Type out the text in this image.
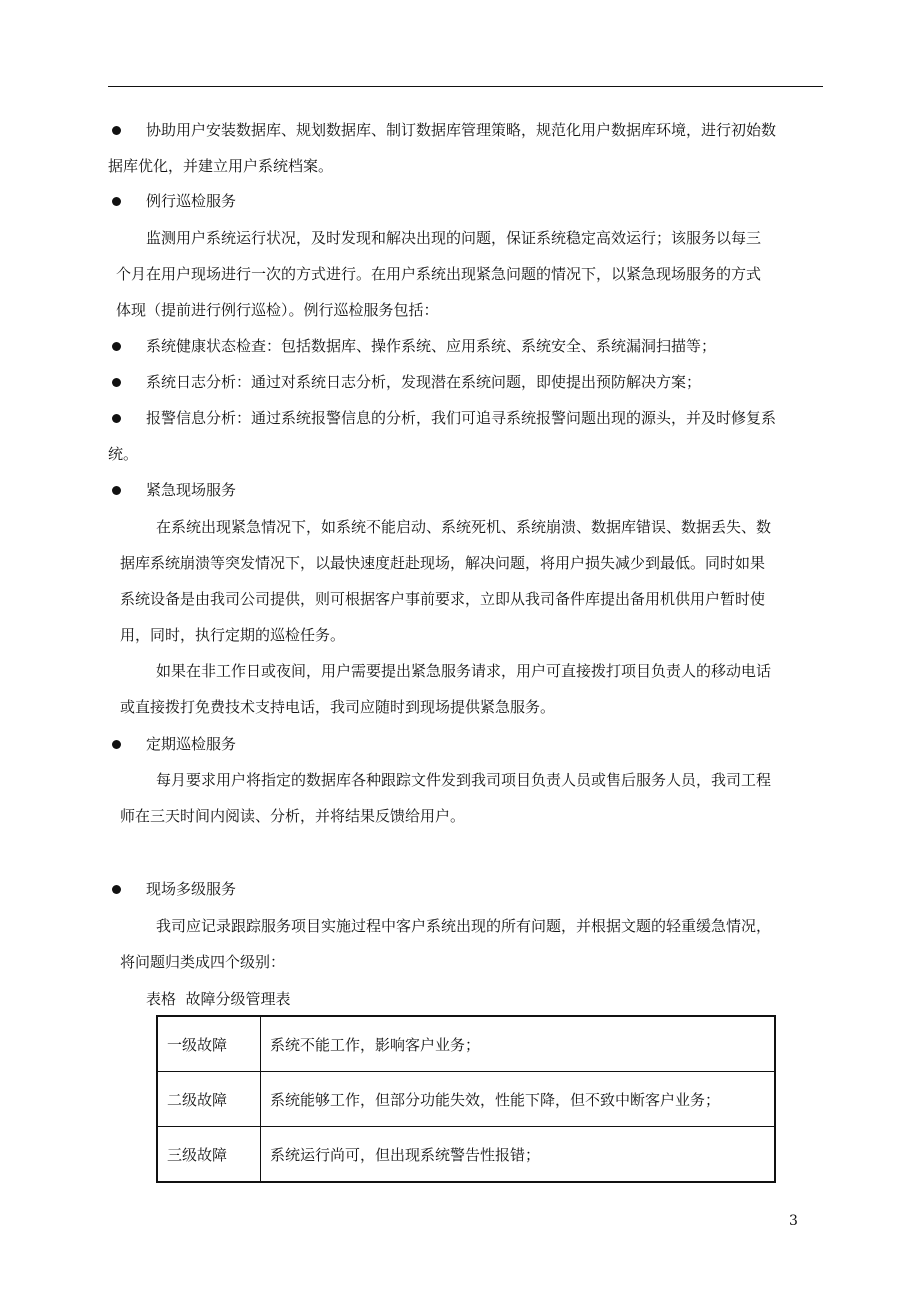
协助用户安装数据库、规划数据库、制订数据库管理策略，规范化用户数据库环境，进行初始数
据库优化，并建立用户系统档案。
例行巡检服务
监测用户系统运行状况，及时发现和解决出现的问题，保证系统稳定高效运行；该服务以每三
个月在用户现场进行一次的方式进行。在用户系统出现紧急问题的情况下，以紧急现场服务的方式
体现（提前进行例行巡检）。例行巡检服务包括：
系统健康状态检查：包括数据库、操作系统、应用系统、系统安全、系统漏洞扫描等；
系统日志分析：通过对系统日志分析，发现潜在系统问题，即使提出预防解决方案；
报警信息分析：通过系统报警信息的分析，我们可追寻系统报警问题出现的源头，并及时修复系
统。
紧急现场服务
在系统出现紧急情况下，如系统不能启动、系统死机、系统崩溃、数据库错误、数据丢失、数
据库系统崩溃等突发情况下，以最快速度赶赴现场，解决问题，将用户损失减少到最低。同时如果
系统设备是由我司公司提供，则可根据客户事前要求，立即从我司备件库提出备用机供用户暂时使
用，同时，执行定期的巡检任务。
如果在非工作日或夜间，用户需要提出紧急服务请求，用户可直接拨打项目负责人的移动电话
或直接拨打免费技术支持电话，我司应随时到现场提供紧急服务。
定期巡检服务
每月要求用户将指定的数据库各种跟踪文件发到我司项目负责人员或售后服务人员，我司工程
师在三天时间内阅读、分析，并将结果反馈给用户。
现场多级服务
我司应记录跟踪服务项目实施过程中客户系统出现的所有问题，并根据文题的轻重缓急情况，
将问题归类成四个级别：
表格  故障分级管理表
一级故障	系统不能工作，影响客户业务；
二级故障	系统能够工作，但部分功能失效，性能下降，但不致中断客户业务；
三级故障	系统运行尚可，但出现系统警告性报错；
3
